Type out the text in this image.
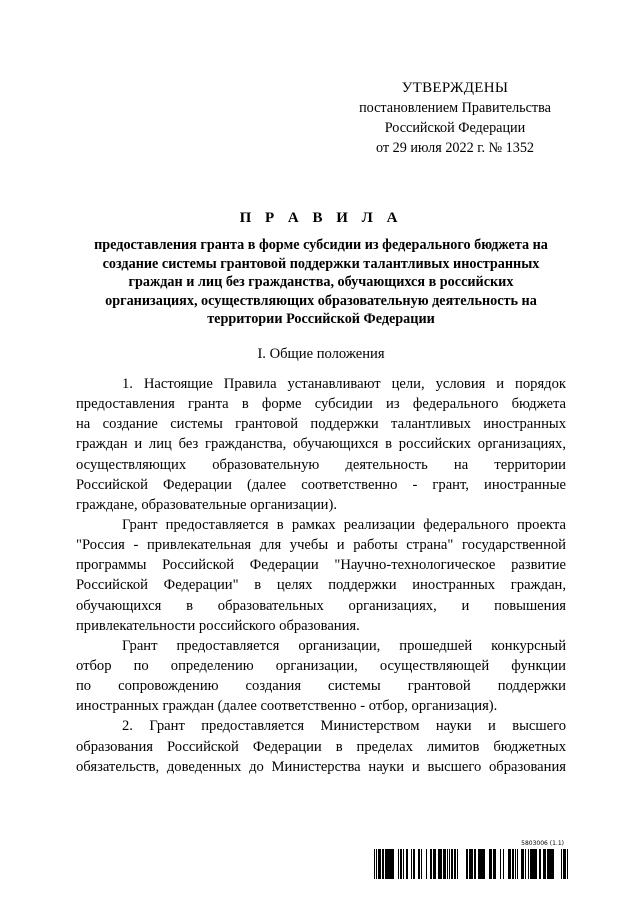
УТВЕРЖДЕНЫ
постановлением Правительства
Российской Федерации
от 29 июля 2022 г. № 1352
П Р А В И Л А
предоставления гранта в форме субсидии из федерального бюджета на
создание системы грантовой поддержки талантливых иностранных
граждан и лиц без гражданства, обучающихся в российских
организациях, осуществляющих образовательную деятельность на
территории Российской Федерации
I. Общие положения
1. Настоящие Правила устанавливают цели, условия и порядок
предоставления гранта в форме субсидии из федерального бюджета
на создание системы грантовой поддержки талантливых иностранных
граждан и лиц без гражданства, обучающихся в российских организациях,
осуществляющих образовательную деятельность на территории
Российской Федерации (далее соответственно - грант, иностранные
граждане, образовательные организации).
Грант предоставляется в рамках реализации федерального проекта
"Россия - привлекательная для учебы и работы страна" государственной
программы Российской Федерации "Научно-технологическое развитие
Российской Федерации" в целях поддержки иностранных граждан,
обучающихся в образовательных организациях, и повышения
привлекательности российского образования.
Грант предоставляется организации, прошедшей конкурсный
отбор по определению организации, осуществляющей функции
по сопровождению создания системы грантовой поддержки
иностранных граждан (далее соответственно - отбор, организация).
2. Грант предоставляется Министерством науки и высшего
образования Российской Федерации в пределах лимитов бюджетных
обязательств, доведенных до Министерства науки и высшего образования
5803006 (1.1)
